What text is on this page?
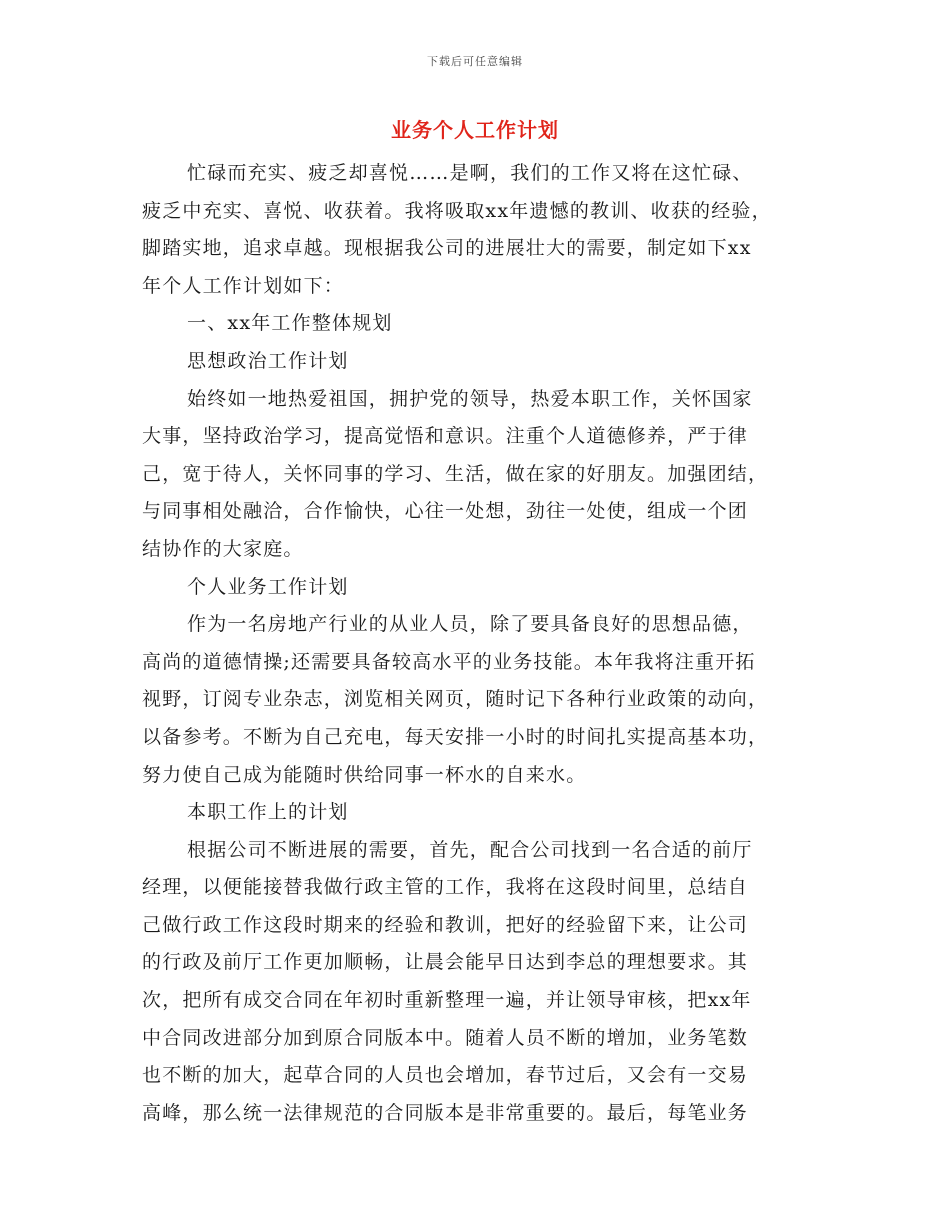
下载后可任意编辑
业务个人工作计划
忙碌而充实、疲乏却喜悦……是啊，我们的工作又将在这忙碌、
疲乏中充实、喜悦、收获着。我将吸取xx年遗憾的教训、收获的经验，
脚踏实地，追求卓越。现根据我公司的进展壮大的需要，制定如下xx
年个人工作计划如下：
一、xx年工作整体规划
思想政治工作计划
始终如一地热爱祖国，拥护党的领导，热爱本职工作，关怀国家
大事，坚持政治学习，提高觉悟和意识。注重个人道德修养，严于律
己，宽于待人，关怀同事的学习、生活，做在家的好朋友。加强团结，
与同事相处融洽，合作愉快，心往一处想，劲往一处使，组成一个团
结协作的大家庭。
个人业务工作计划
作为一名房地产行业的从业人员，除了要具备良好的思想品德，
高尚的道德情操;还需要具备较高水平的业务技能。本年我将注重开拓
视野，订阅专业杂志，浏览相关网页，随时记下各种行业政策的动向，
以备参考。不断为自己充电，每天安排一小时的时间扎实提高基本功，
努力使自己成为能随时供给同事一杯水的自来水。
本职工作上的计划
根据公司不断进展的需要，首先，配合公司找到一名合适的前厅
经理，以便能接替我做行政主管的工作，我将在这段时间里，总结自
己做行政工作这段时期来的经验和教训，把好的经验留下来，让公司
的行政及前厅工作更加顺畅，让晨会能早日达到李总的理想要求。其
次，把所有成交合同在年初时重新整理一遍，并让领导审核，把xx年
中合同改进部分加到原合同版本中。随着人员不断的增加，业务笔数
也不断的加大，起草合同的人员也会增加，春节过后，又会有一交易
高峰，那么统一法律规范的合同版本是非常重要的。最后，每笔业务
